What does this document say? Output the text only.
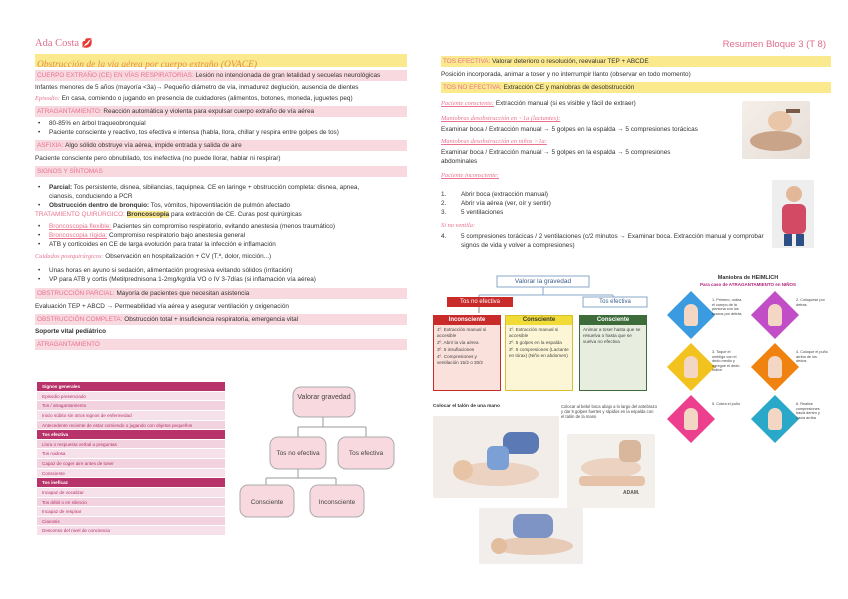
Ada Costa 💋	Resumen Bloque 3 (T 8)
Obstrucción de la vía aérea por cuerpo extraño (OVACE)
CUERPO EXTRAÑO (CE) EN VÍAS RESPIRATORIAS:
Lesión no intencionada de gran letalidad y secuelas neurológicas
Infantes menores de 5 años (mayoría <3a)→ Pequeño diámetro de vía, inmadurez deglución, ausencia de dientes
Episodio: En casa, comiendo o jugando en presencia de cuidadores (alimentos, botones, moneda, juguetes peq)
ATRAGANTAMIENTO:
Reacción automática y violenta para expulsar cuerpo extraño de vía aérea
• 80-85% en árbol traqueobronquial
• Paciente consciente y reactivo, tos efectiva e intensa (habla, llora, chillar y respira entre golpes de tos)
ASFIXIA:
Algo sólido obstruye vía aérea, impide entrada y salida de aire
Paciente consciente pero obnubilado, tos inefectiva (no puede llorar, hablar ni respirar)
SIGNOS Y SÍNTOMAS
• Parcial: Tos persistente, disnea, sibilancias, taquipnea. CE en laringe + obstrucción completa: disnea, apnea,
cianosis, conduciendo a PCR
• Obstrucción dentro de bronquio: Tos, vómitos, hipoventilación de pulmón afectado
TRATAMIENTO QUIRÚRGICO: Broncoscopia para extracción de CE. Curas post quirúrgicas
• Broncoscopia flexible: Pacientes sin compromiso respiratorio, evitando anestesia (menos traumático)
• Broncoscopia rígida: Compromiso respiratorio bajo anestesia general
• ATB y corticoides en CE de larga evolución para tratar la infección e inflamación
Cuidados postquirúrgicos: Observación en hospitalización + CV (T.ª, dolor, micción...)
• Unas horas en ayuno si sedación, alimentación progresiva evitando sólidos (irritación)
• VP para ATB y cortis (Metilprednisona 1-2mg/kg/día VO o IV 3-7días (si inflamación vía aérea)
OBSTRUCCIÓN PARCIAL:
Mayoría de pacientes que necesitan asistencia
Evaluación TEP + ABCD → Permeabilidad vía aérea y asegurar ventilación y oxigenación
OBSTRUCCIÓN COMPLETA:
Obstrucción total + insuficiencia respiratoria, emergencia vital
Soporte vital pediátrico
ATRAGANTAMIENTO
Signos generales
Episodio presenciado
Tos / atragantamiento
Inicio súbito sin otros signos de enfermedad
Antecedente reciente de estar comiendo o jugando con objetos pequeños
Tos efectiva
Llora o respuesta verbal a preguntas
Tos ruidosa
Capaz de coger aire antes de toser
Consciente
Tos ineficaz
Incapaz de vocalizar
Tos débil o en silencio
Incapaz de respirar
Cianosis
Descenso del nivel de conciencia
Valorar gravedad
Tos no efectiva	Tos efectiva
Consciente	Inconsciente
TOS EFECTIVA:
Valorar deterioro o resolución, reevaluar TEP + ABCDE
Posición incorporada, animar a toser y no interrumpir llanto (observar en todo momento)
TOS NO EFECTIVA:
Extracción CE y maniobras de desobstrucción
Paciente consciente: Extracción manual (si es visible y fácil de extraer)
Maniobras desobstrucción en <1a (lactantes):
Examinar boca / Extracción manual → 5 golpes en la espalda → 5 compresiones torácicas
Maniobras desobstrucción en niños >1a:
Examinar boca / Extracción manual → 5 golpes en la espalda → 5 compresiones
abdominales
Paciente inconsciente:
1. Abrir boca (extracción manual)
2. Abrir vía aérea (ver, oír y sentir)
3. 5 ventilaciones
Si no ventila:
4. 5 compresiones torácicas / 2 ventilaciones (c/2 minutos → Examinar boca. Extracción manual y comprobar
signos de vida y volver a compresiones)
Valorar la gravedad
Tos no efectiva	Tos efectiva
Inconsciente
1º. Extracción manual si accesible
2º. Abrir la vía aérea
3º. 5 insuflaciones
4º. Compresiones y ventilación 15/2 o 30/2
Consciente
1º. Extracción manual si accesible
2º. 5 golpes en la espalda
3º. 5 compresiones (Lactante en tórax) (Niño en abdomen)
Consciente
Animar a toser hasta que se resuelva o hasta que se vuelva no efectiva
Maniobra de HEIMLICH
Para caso de ATRAGANTAMIENTO en NIÑOS
1. Primero, rodea el cuerpo de la persona con los brazos por detrás
2. Colóquese por detrás
3. Toque el ombligo con el dedo medio y agregue el dedo índice
4. Coloque el puño arriba de los dedos
5. Cubra el puño	6. Realice compresiones hacia dentro y hacia arriba
Colocar el talón de una mano	Colocar al bebé boca abajo a lo largo del antebrazo y dar 5 golpes fuertes y rápidos en la espalda con el talón de la mano
ADAM.
